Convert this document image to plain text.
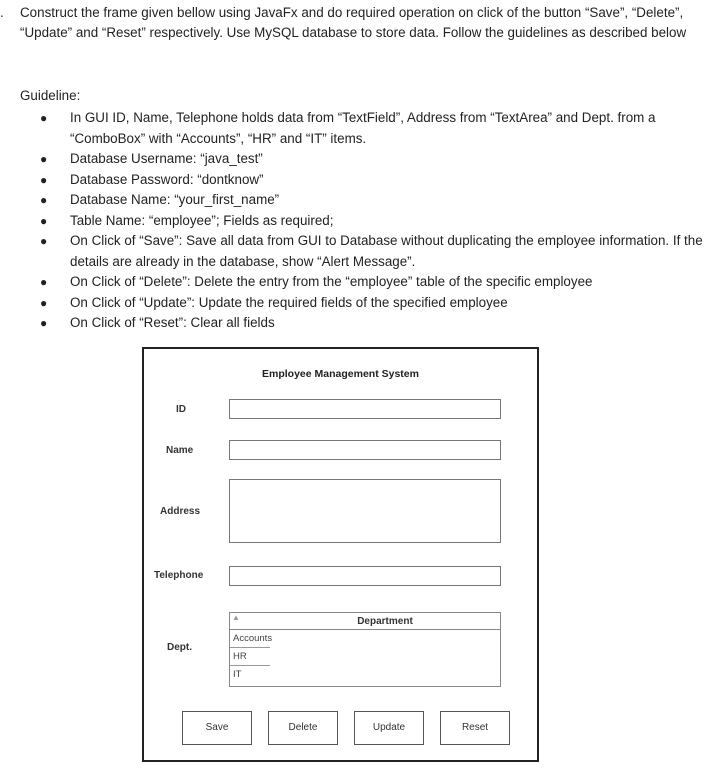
. Construct the frame given bellow using JavaFx and do required operation on click of the button “Save”, “Delete”, “Update” and “Reset” respectively. Use MySQL database to store data. Follow the guidelines as described below

Guideline:
● In GUI ID, Name, Telephone holds data from “TextField”, Address from “TextArea” and Dept. from a “ComboBox” with “Accounts”, “HR” and “IT” items.
● Database Username: “java_test”
● Database Password: “dontknow”
● Database Name: “your_first_name”
● Table Name: “employee”; Fields as required;
● On Click of “Save”: Save all data from GUI to Database without duplicating the employee information. If the details are already in the database, show “Alert Message”.
● On Click of “Delete”: Delete the entry from the “employee” table of the specific employee
● On Click of “Update”: Update the required fields of the specified employee
● On Click of “Reset”: Clear all fields
Employee Management System
ID
Name
Address
Telephone
Dept.
▲	Department
Accounts
HR
IT
Save	Delete	Update	Reset
